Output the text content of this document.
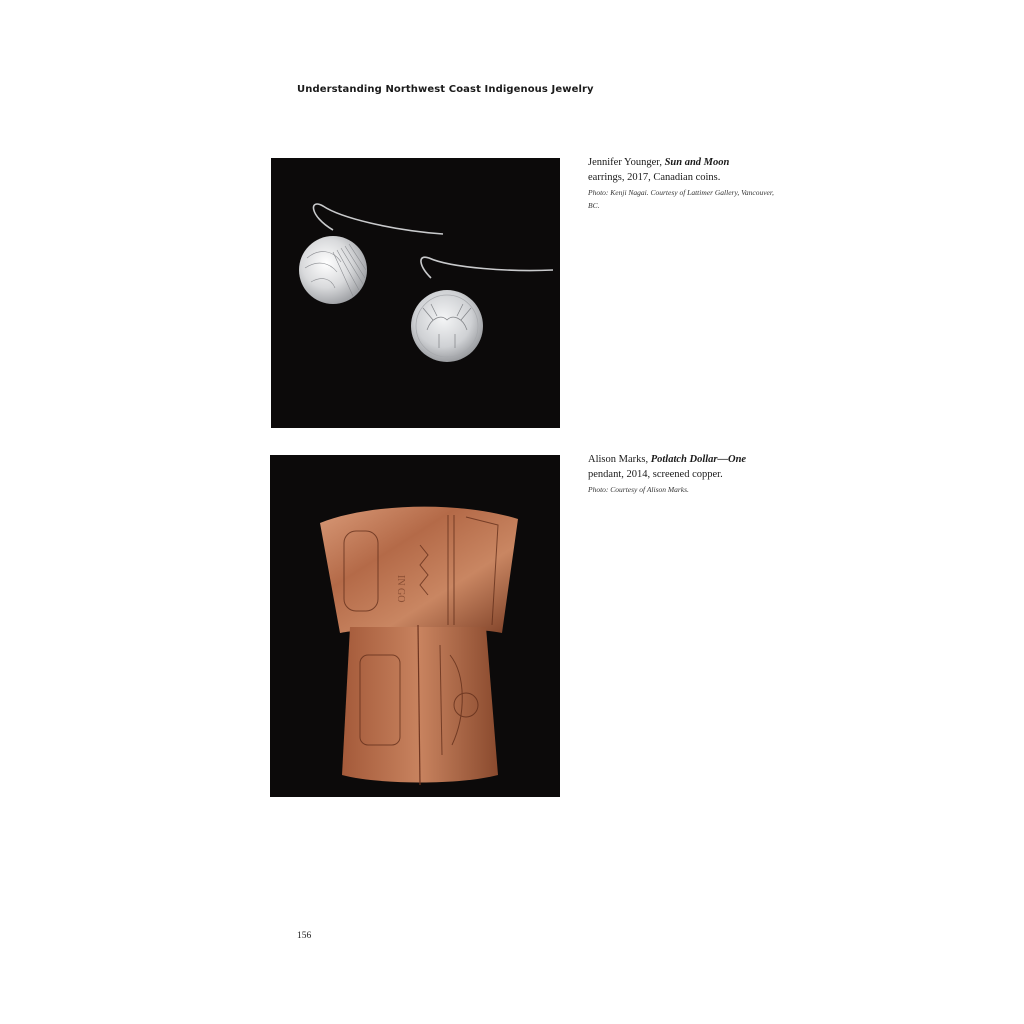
Understanding Northwest Coast Indigenous Jewelry
Jennifer Younger, Sun and Moon
earrings, 2017, Canadian coins.
Photo: Kenji Nagai. Courtesy of Lattimer Gallery, Vancouver, BC.
IN GO
Alison Marks, Potlatch Dollar—One
pendant, 2014, screened copper.
Photo: Courtesy of Alison Marks.
156
